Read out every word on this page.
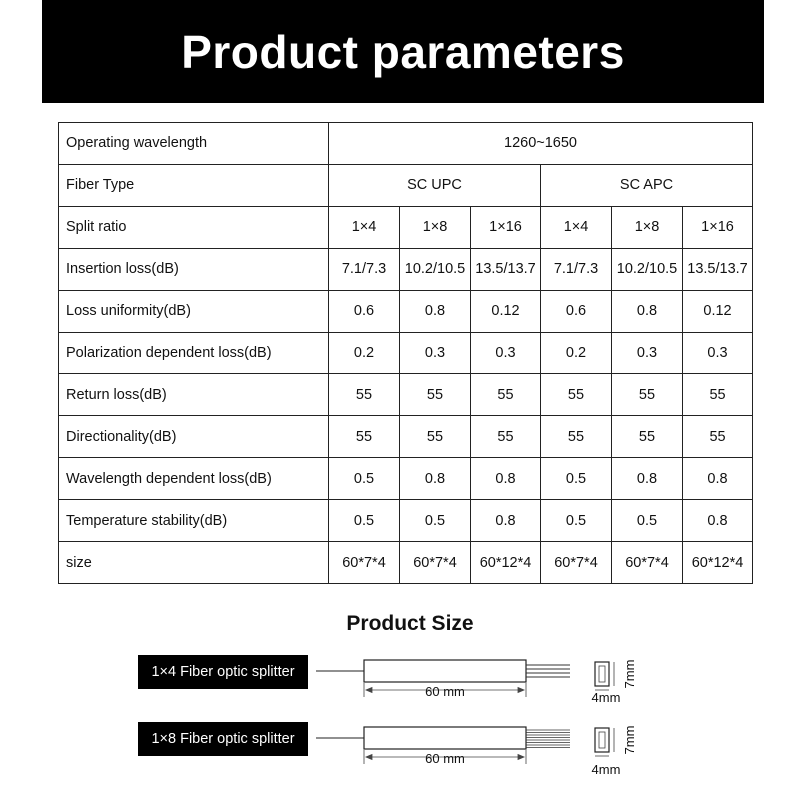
Product parameters
Operating wavelength	1260~1650					
Fiber Type	SC UPC			SC APC		
Split ratio	1×4	1×8	1×16	1×4	1×8	1×16
Insertion loss(dB)	7.1/7.3	10.2/10.5	13.5/13.7	7.1/7.3	10.2/10.5	13.5/13.7
Loss uniformity(dB)	0.6	0.8	0.12	0.6	0.8	0.12
Polarization dependent loss(dB)	0.2	0.3	0.3	0.2	0.3	0.3
Return loss(dB)	55	55	55	55	55	55
Directionality(dB)	55	55	55	55	55	55
Wavelength dependent loss(dB)	0.5	0.8	0.8	0.5	0.8	0.8
Temperature stability(dB)	0.5	0.5	0.8	0.5	0.5	0.8
size	60*7*4	60*7*4	60*12*4	60*7*4	60*7*4	60*12*4
Product Size
1×4 Fiber optic splitter
1×8 Fiber optic splitter
60 mm
7mm
4mm
60 mm
7mm
4mm
